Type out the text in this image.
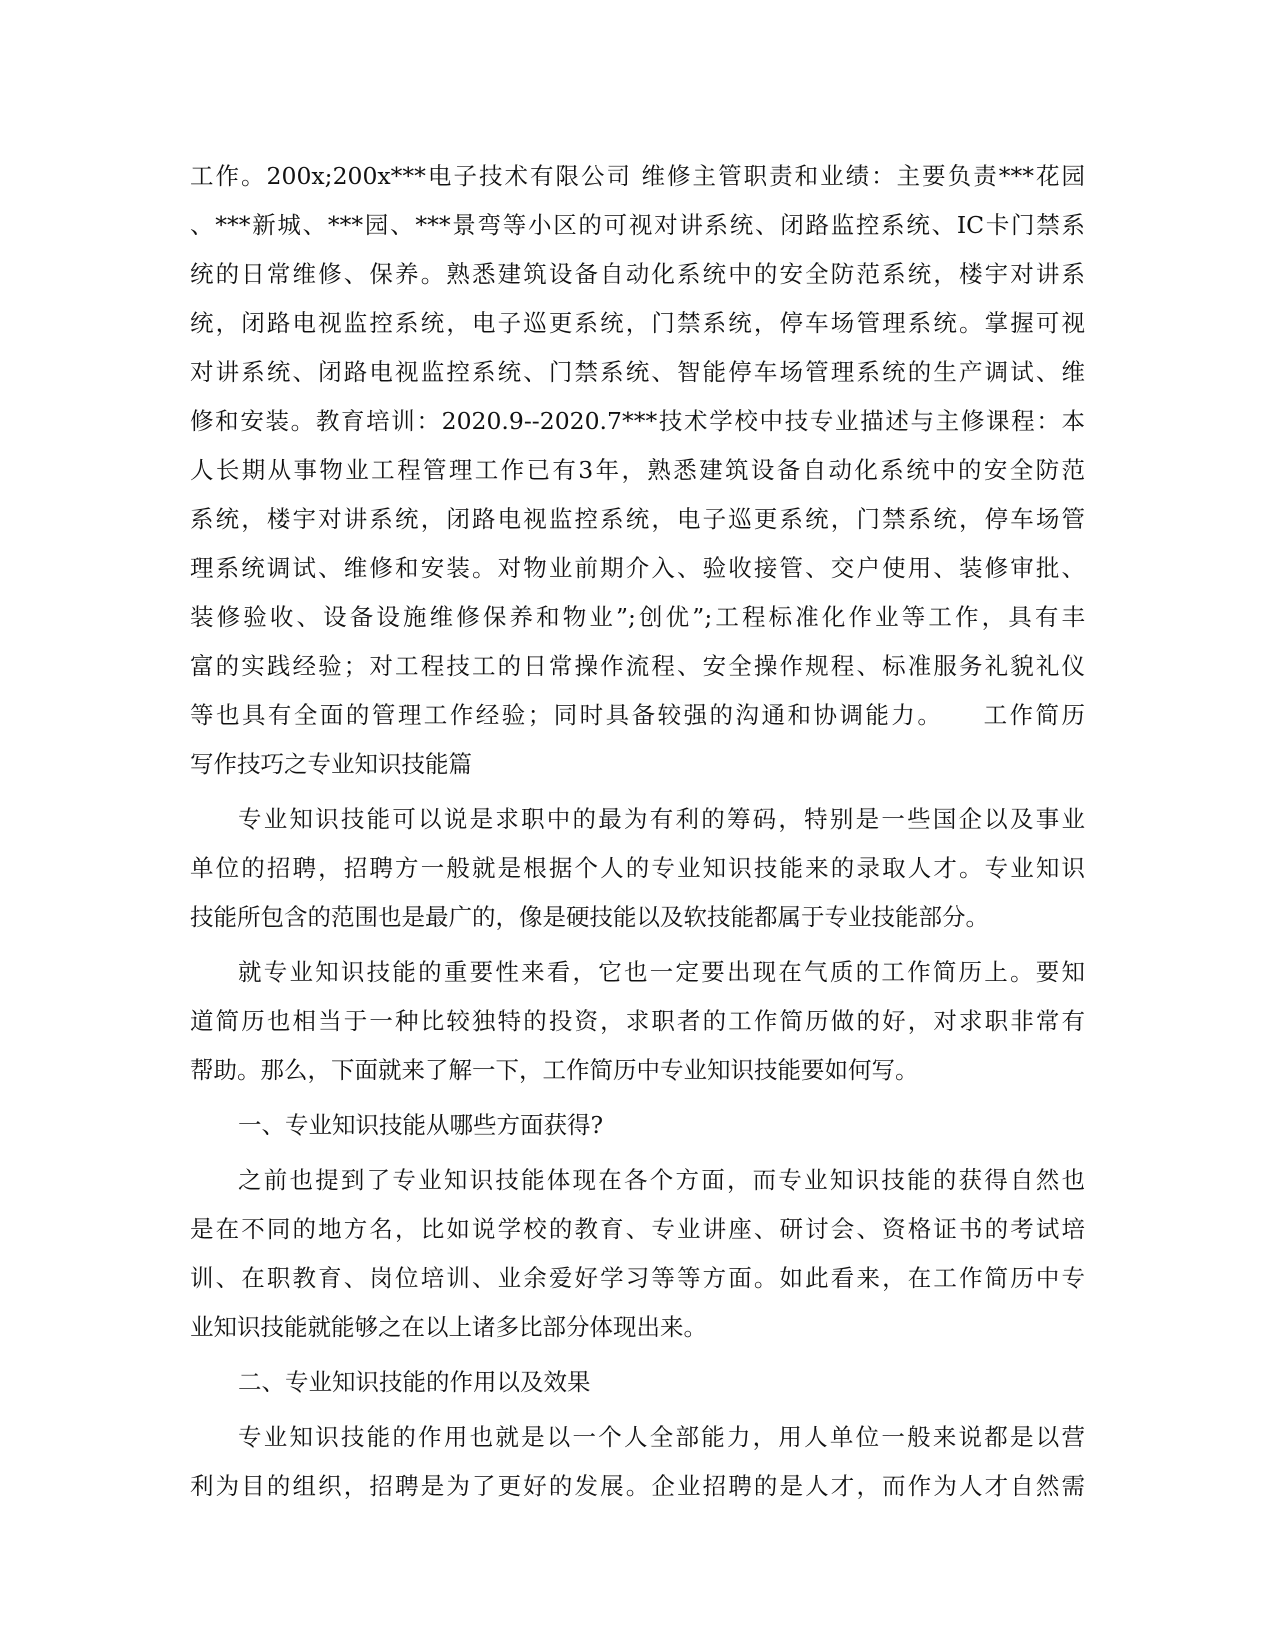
工作。200x;200x***电子技术有限公司 维修主管职责和业绩：主要负责***花园
、***新城、***园、***景弯等小区的可视对讲系统、闭路监控系统、IC卡门禁系
统的日常维修、保养。熟悉建筑设备自动化系统中的安全防范系统，楼宇对讲系
统，闭路电视监控系统，电子巡更系统，门禁系统，停车场管理系统。掌握可视
对讲系统、闭路电视监控系统、门禁系统、智能停车场管理系统的生产调试、维
修和安装。教育培训：2020.9--2020.7***技术学校中技专业描述与主修课程：本
人长期从事物业工程管理工作已有3年，熟悉建筑设备自动化系统中的安全防范
系统，楼宇对讲系统，闭路电视监控系统，电子巡更系统，门禁系统，停车场管
理系统调试、维修和安装。对物业前期介入、验收接管、交户使用、装修审批、
装修验收、设备设施维修保养和物业”;创优”;工程标准化作业等工作，具有丰
富的实践经验；对工程技工的日常操作流程、安全操作规程、标准服务礼貌礼仪
等也具有全面的管理工作经验；同时具备较强的沟通和协调能力。　　工作简历
写作技巧之专业知识技能篇
专业知识技能可以说是求职中的最为有利的筹码，特别是一些国企以及事业
单位的招聘，招聘方一般就是根据个人的专业知识技能来的录取人才。专业知识
技能所包含的范围也是最广的，像是硬技能以及软技能都属于专业技能部分。
就专业知识技能的重要性来看，它也一定要出现在气质的工作简历上。要知
道简历也相当于一种比较独特的投资，求职者的工作简历做的好，对求职非常有
帮助。那么，下面就来了解一下，工作简历中专业知识技能要如何写。
一、专业知识技能从哪些方面获得?
之前也提到了专业知识技能体现在各个方面，而专业知识技能的获得自然也
是在不同的地方名，比如说学校的教育、专业讲座、研讨会、资格证书的考试培
训、在职教育、岗位培训、业余爱好学习等等方面。如此看来，在工作简历中专
业知识技能就能够之在以上诸多比部分体现出来。
二、专业知识技能的作用以及效果
专业知识技能的作用也就是以一个人全部能力，用人单位一般来说都是以营
利为目的组织，招聘是为了更好的发展。企业招聘的是人才，而作为人才自然需
